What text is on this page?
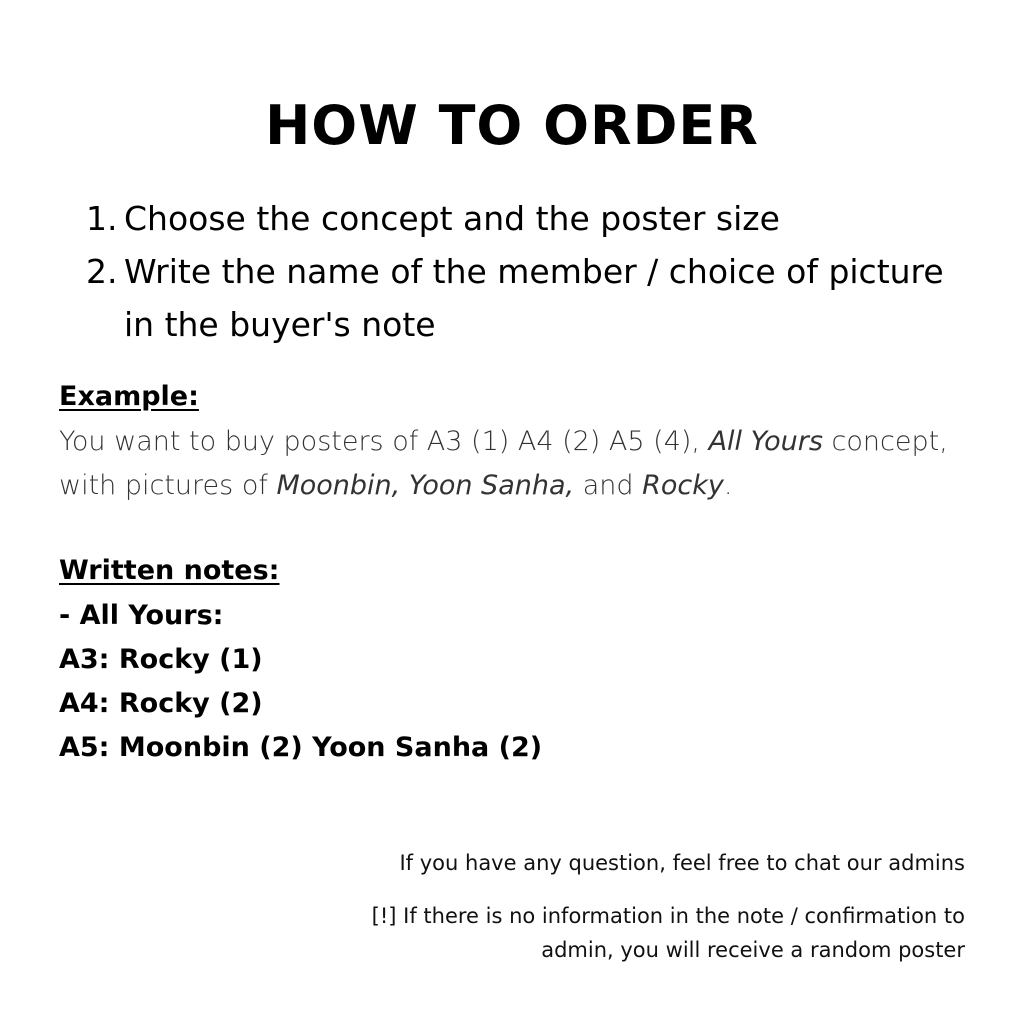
HOW TO ORDER
1. Choose the concept and the poster size
2. Write the name of the member / choice of picture in the buyer's note
Example:
You want to buy posters of A3 (1) A4 (2) A5 (4), All Yours concept,
with pictures of Moonbin, Yoon Sanha, and Rocky.
Written notes:
- All Yours:
A3: Rocky (1)
A4: Rocky (2)
A5: Moonbin (2) Yoon Sanha (2)
If you have any question, feel free to chat our admins
[!] If there is no information in the note / confirmation to
admin, you will receive a random poster
